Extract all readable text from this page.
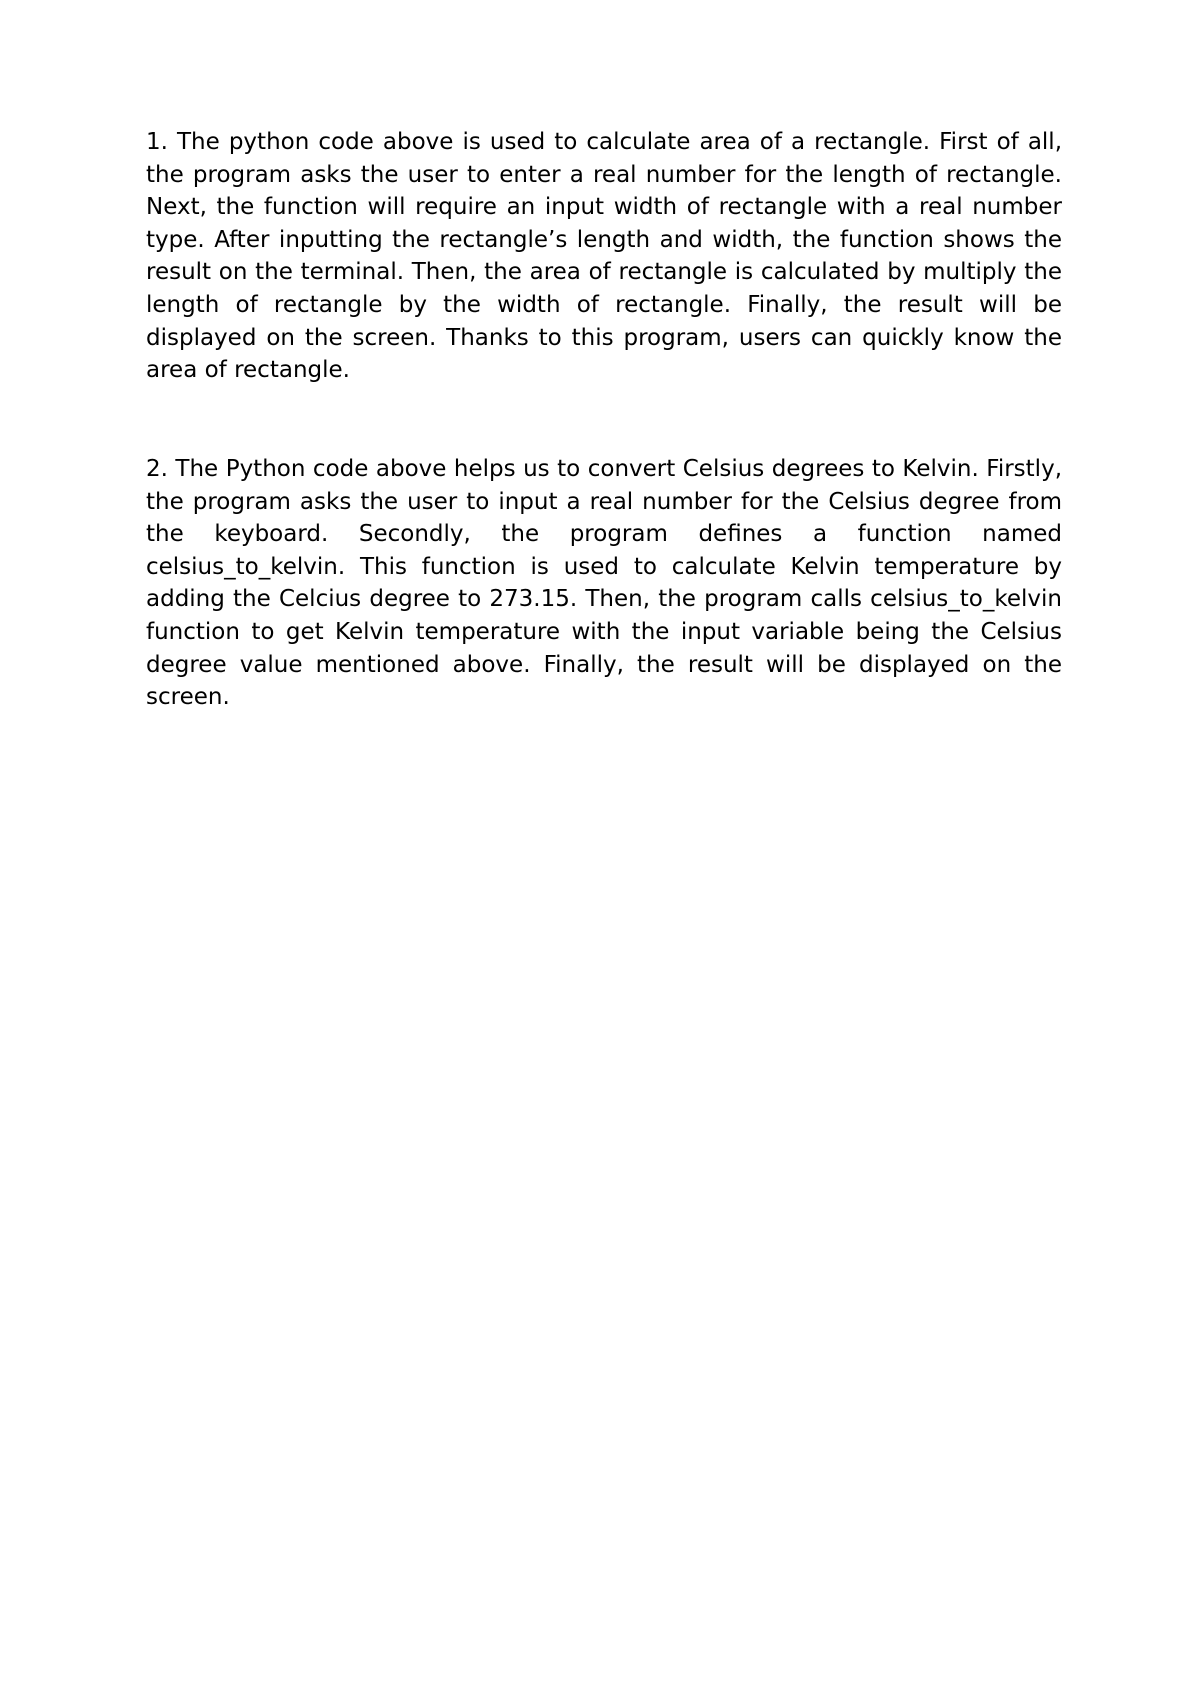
1. The python code above is used to calculate area of a rectangle. First of all, the program asks the user to enter a real number for the length of rectangle. Next, the function will require an input width of rectangle with a real number type. After inputting the rectangle’s length and width, the function shows the result on the terminal. Then, the area of rectangle is calculated by multiply the length of rectangle by the width of rectangle. Finally, the result will be displayed on the screen. Thanks to this program, users can quickly know the area of rectangle.

2. The Python code above helps us to convert Celsius degrees to Kelvin. Firstly, the program asks the user to input a real number for the Celsius degree from the keyboard. Secondly, the program defines a function named celsius_to_kelvin. This function is used to calculate Kelvin temperature by adding the Celcius degree to 273.15. Then, the program calls celsius_to_kelvin function to get Kelvin temperature with the input variable being the Celsius degree value mentioned above. Finally, the result will be displayed on the screen.
